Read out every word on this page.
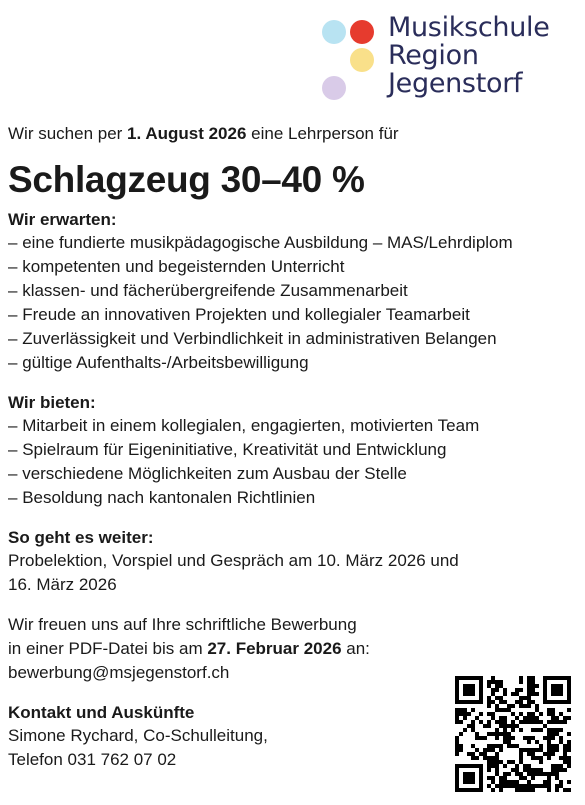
Musikschule
Region
Jegenstorf

Wir suchen per 1. August 2026 eine Lehrperson für

Schlagzeug 30–40 %

Wir erwarten:

– eine fundierte musikpädagogische Ausbildung – MAS/Lehrdiplom
– kompetenten und begeisternden Unterricht
– klassen- und fächerübergreifende Zusammenarbeit
– Freude an innovativen Projekten und kollegialer Teamarbeit
– Zuverlässigkeit und Verbindlichkeit in administrativen Belangen
– gültige Aufenthalts-/Arbeitsbewilligung

Wir bieten:

– Mitarbeit in einem kollegialen, engagierten, motivierten Team
– Spielraum für Eigeninitiative, Kreativität und Entwicklung
– verschiedene Möglichkeiten zum Ausbau der Stelle
– Besoldung nach kantonalen Richtlinien

So geht es weiter:

Probelektion, Vorspiel und Gespräch am 10. März 2026 und
16. März 2026

Wir freuen uns auf Ihre schriftliche Bewerbung
in einer PDF-Datei bis am 27. Februar 2026 an:
bewerbung@msjegenstorf.ch

Kontakt und Auskünfte

Simone Rychard, Co-Schulleitung,
Telefon 031 762 07 02
